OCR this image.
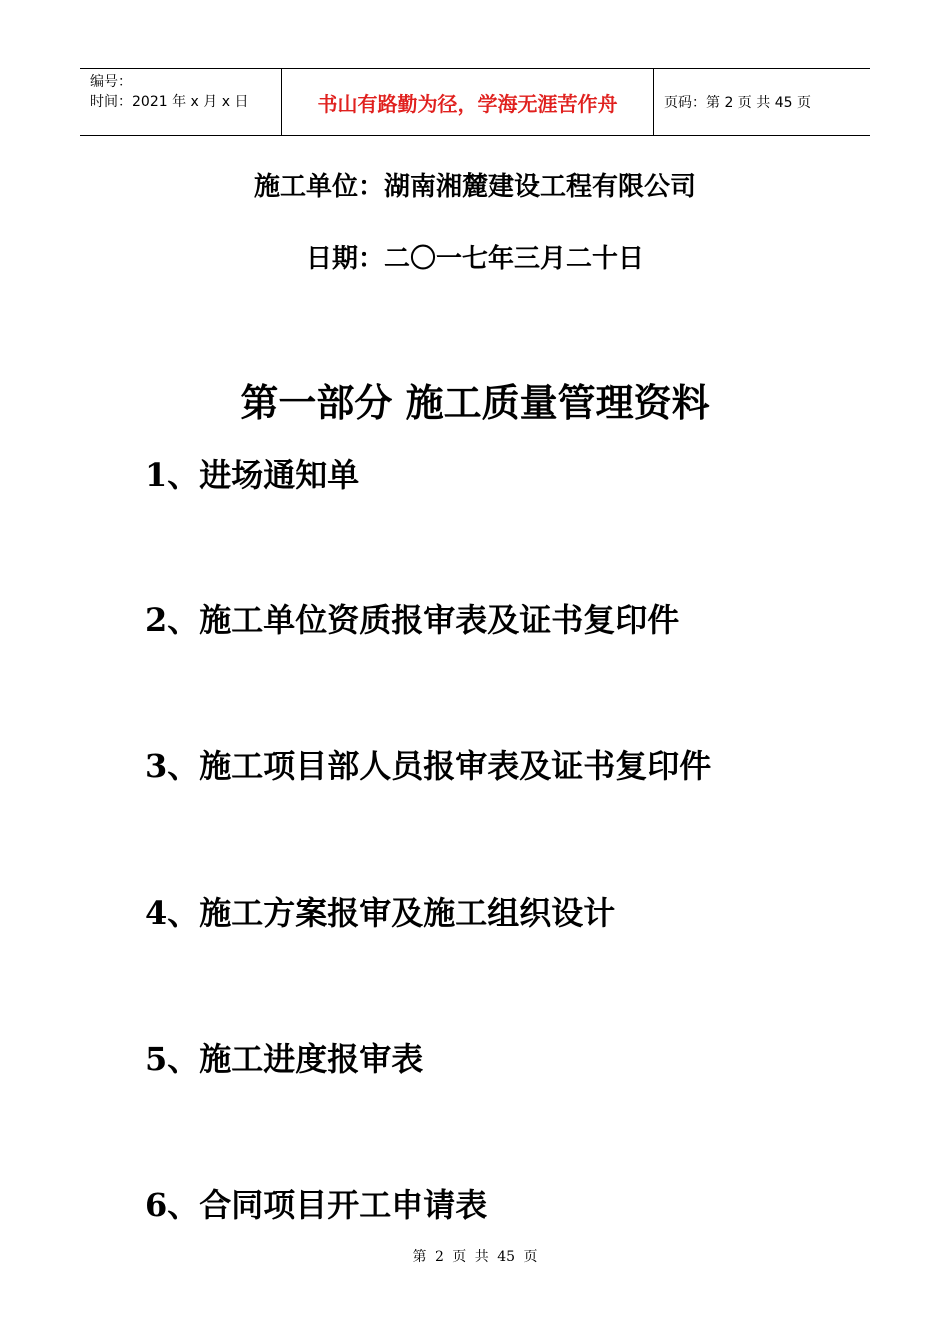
编号：
时间：2021 年 x 月 x 日	书山有路勤为径，学海无涯苦作舟	页码：第 2 页 共 45 页
施工单位：湖南湘麓建设工程有限公司
日期：二〇一七年三月二十日
第一部分 施工质量管理资料
1、进场通知单
2、施工单位资质报审表及证书复印件
3、施工项目部人员报审表及证书复印件
4、施工方案报审及施工组织设计
5、施工进度报审表
6、合同项目开工申请表
第 2 页 共 45 页
